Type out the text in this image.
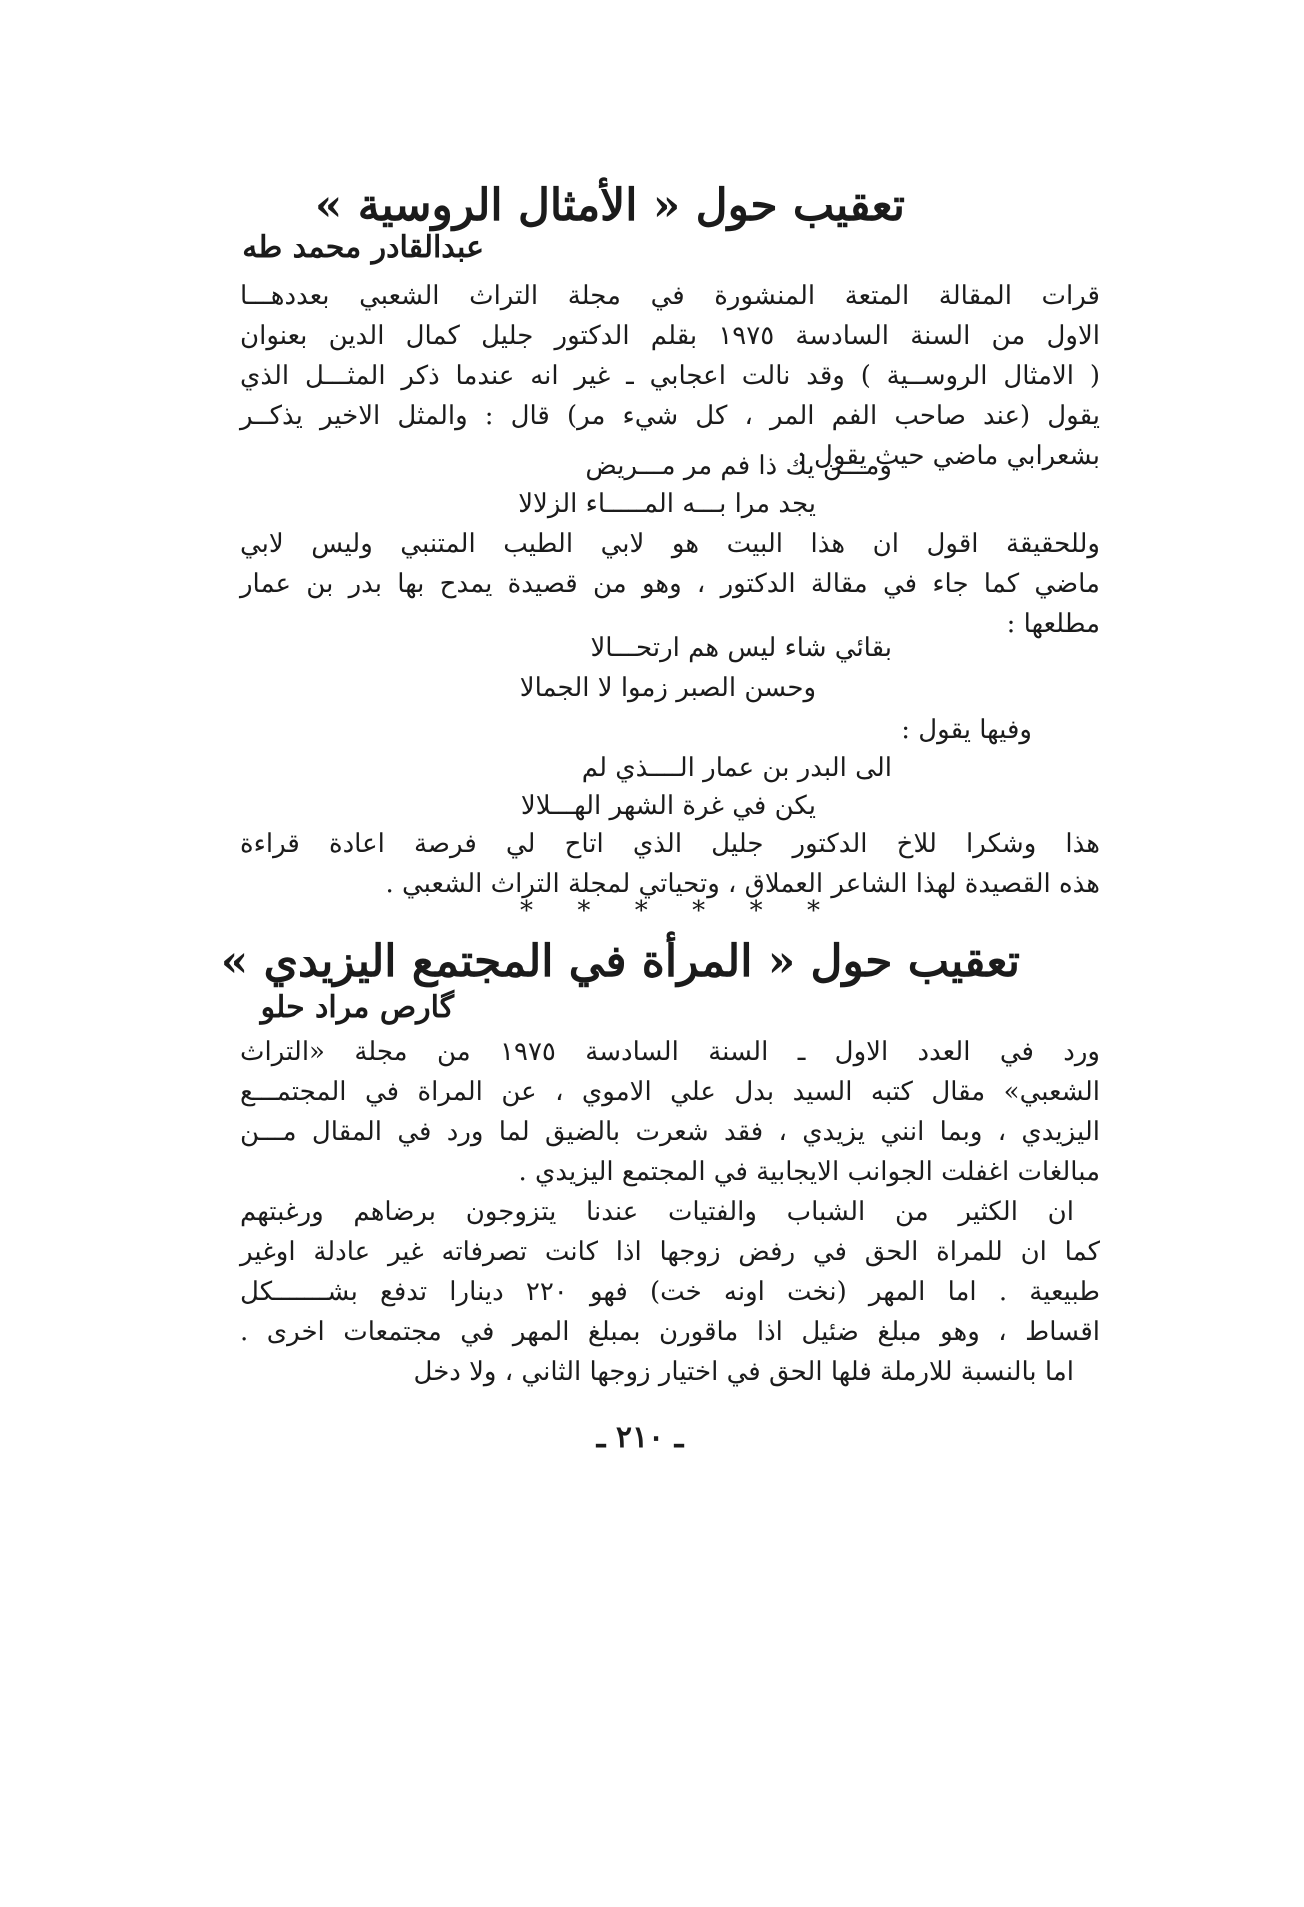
تعقيب حول « الأمثال الروسية »
عبدالقادر محمد طه
قرات المقالة المتعة المنشورة في مجلة التراث الشعبي بعددهـــا
الاول من السنة السادسة ١٩٧٥ بقلم الدكتور جليل كمال الدين بعنوان
( الامثال الروســية ) وقد نالت اعجابي ـ غير انه عندما ذكر المثـــل الذي
يقول (عند صاحب الفم المر ، كل شيء مر) قال : والمثل الاخير يذكــر
بشعرابي ماضي حيث يقول :
ومـــن يك ذا فم مر مـــريض
يجد مرا بـــه المـــــاء الزلالا
وللحقيقة اقول ان هذا البيت هو لابي الطيب المتنبي وليس لابي
ماضي كما جاء في مقالة الدكتور ، وهو من قصيدة يمدح بها بدر بن عمار
مطلعها :
بقائي شاء ليس هم ارتحـــالا
وحسن الصبر زموا لا الجمالا
وفيها يقول :
الى البدر بن عمار الــــذي لم
يكن في غرة الشهر الهـــلالا
هذا وشكرا للاخ الدكتور جليل الذي اتاح لي فرصة اعادة قراءة
هذه القصيدة لهذا الشاعر العملاق ، وتحياتي لمجلة التراث الشعبي .
* * * * * *
تعقيب حول « المرأة في المجتمع اليزيدي »
گارص مراد حلو
ورد في العدد الاول ـ السنة السادسة ١٩٧٥ من مجلة «التراث
الشعبي» مقال كتبه السيد بدل علي الاموي ، عن المراة في المجتمـــع
اليزيدي ، وبما انني يزيدي ، فقد شعرت بالضيق لما ورد في المقال مـــن
مبالغات اغفلت الجوانب الايجابية في المجتمع اليزيدي .
ان الكثير من الشباب والفتيات عندنا يتزوجون برضاهم ورغبتهم
كما ان للمراة الحق في رفض زوجها اذا كانت تصرفاته غير عادلة اوغير
طبيعية . اما المهر (نخت اونه خت) فهو ٢٢٠ دينارا تدفع بشـــــــكل
اقساط ، وهو مبلغ ضئيل اذا ماقورن بمبلغ المهر في مجتمعات اخرى .
اما بالنسبة للارملة فلها الحق في اختيار زوجها الثاني ، ولا دخل
ـ ٢١٠ ـ
